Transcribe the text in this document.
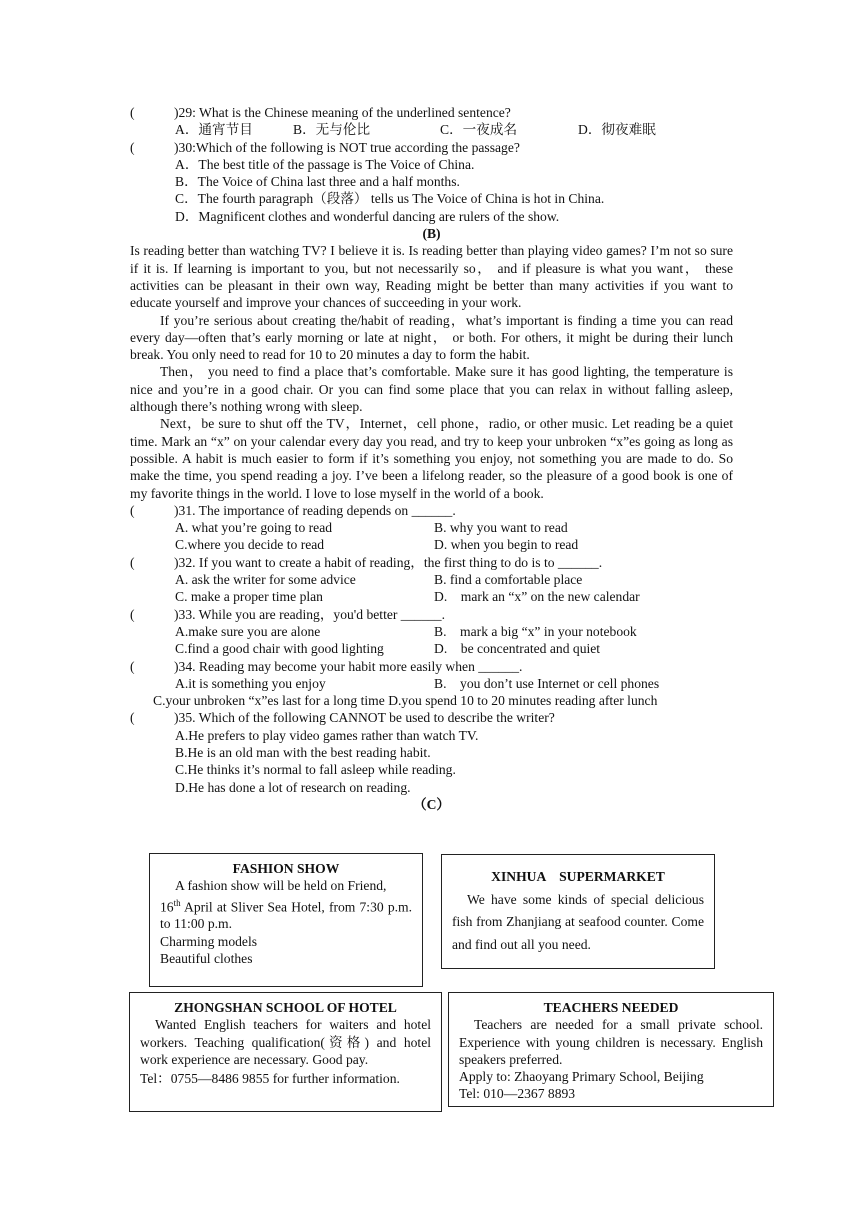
(	)29: What is the Chinese meaning of the underlined sentence?
A．通宵节目	B．无与伦比	C．一夜成名	D．彻夜难眠
(	)30:Which of the following is NOT true according the passage?
A．The best title of the passage is The Voice of China.
B．The Voice of China last three and a half months.
C．The fourth paragraph（段落） tells us The Voice of China is hot in China.
D．Magnificent clothes and wonderful dancing are rulers of the show.
(B)
Is reading better than watching TV? I believe it is. Is reading better than playing video games? I’m not so sure if it is. If learning is important to you, but not necessarily so， and if pleasure is what you want， these activities can be pleasant in their own way, Reading might be better than many activities if you want to educate yourself and improve your chances of succeeding in your work.
If you’re serious about creating the/habit of reading，what’s important is finding a time you can read every day—often that’s early morning or late at night， or both. For others, it might be during their lunch break. You only need to read for 10 to 20 minutes a day to form the habit.
Then， you need to find a place that’s comfortable. Make sure it has good lighting, the temperature is nice and you’re in a good chair. Or you can find some place that you can relax in without falling asleep, although there’s nothing wrong with sleep.
Next，be sure to shut off the TV，Internet，cell phone，radio, or other music. Let reading be a quiet time. Mark an “x” on your calendar every day you read, and try to keep your unbroken “x”es going as long as possible. A habit is much easier to form if it’s something you enjoy, not something you are made to do. So make the time, you spend reading a joy. I’ve been a lifelong reader, so the pleasure of a good book is one of my favorite things in the world. I love to lose myself in the world of a book.
(	)31. The importance of reading depends on ______.
A. what you’re going to read	B. why you want to read
C.where you decide to read	D. when you begin to read
(	)32. If you want to create a habit of reading，the first thing to do is to ______.
A. ask the writer for some advice	B. find a comfortable place
C. make a proper time plan	D.　mark an “x” on the new calendar
(	)33. While you are reading，you'd better ______.
A.make sure you are alone	B.　mark a big “x” in your notebook
C.find a good chair with good lighting	D.　be concentrated and quiet
(	)34. Reading may become your habit more easily when ______.
A.it is something you enjoy	B.　you don’t use Internet or cell phones
C.your unbroken “x”es last for a long time D.you spend 10 to 20 minutes reading after lunch
(	)35. Which of the following CANNOT be used to describe the writer?
A.He prefers to play video games rather than watch TV.
B.He is an old man with the best reading habit.
C.He thinks it’s normal to fall asleep while reading.
D.He has done a lot of research on reading.
（C）
FASHION SHOW

A fashion show will be held on Friend,

16th April at Sliver Sea Hotel, from 7:30 p.m. to 11:00 p.m.

Charming models

Beautiful clothes

XINHUA　SUPERMARKET

We have some kinds of special delicious fish from Zhanjiang at seafood counter. Come and find out all you need.

ZHONGSHAN SCHOOL OF HOTEL

Wanted English teachers for waiters and hotel workers. Teaching qualification(资格) and hotel work experience are necessary. Good pay.

Tel：0755—8486 9855 for further information.

TEACHERS NEEDED

Teachers are needed for a small private school. Experience with young children is necessary. English speakers preferred.

Apply to: Zhaoyang Primary School, Beijing

Tel: 010—2367 8893
